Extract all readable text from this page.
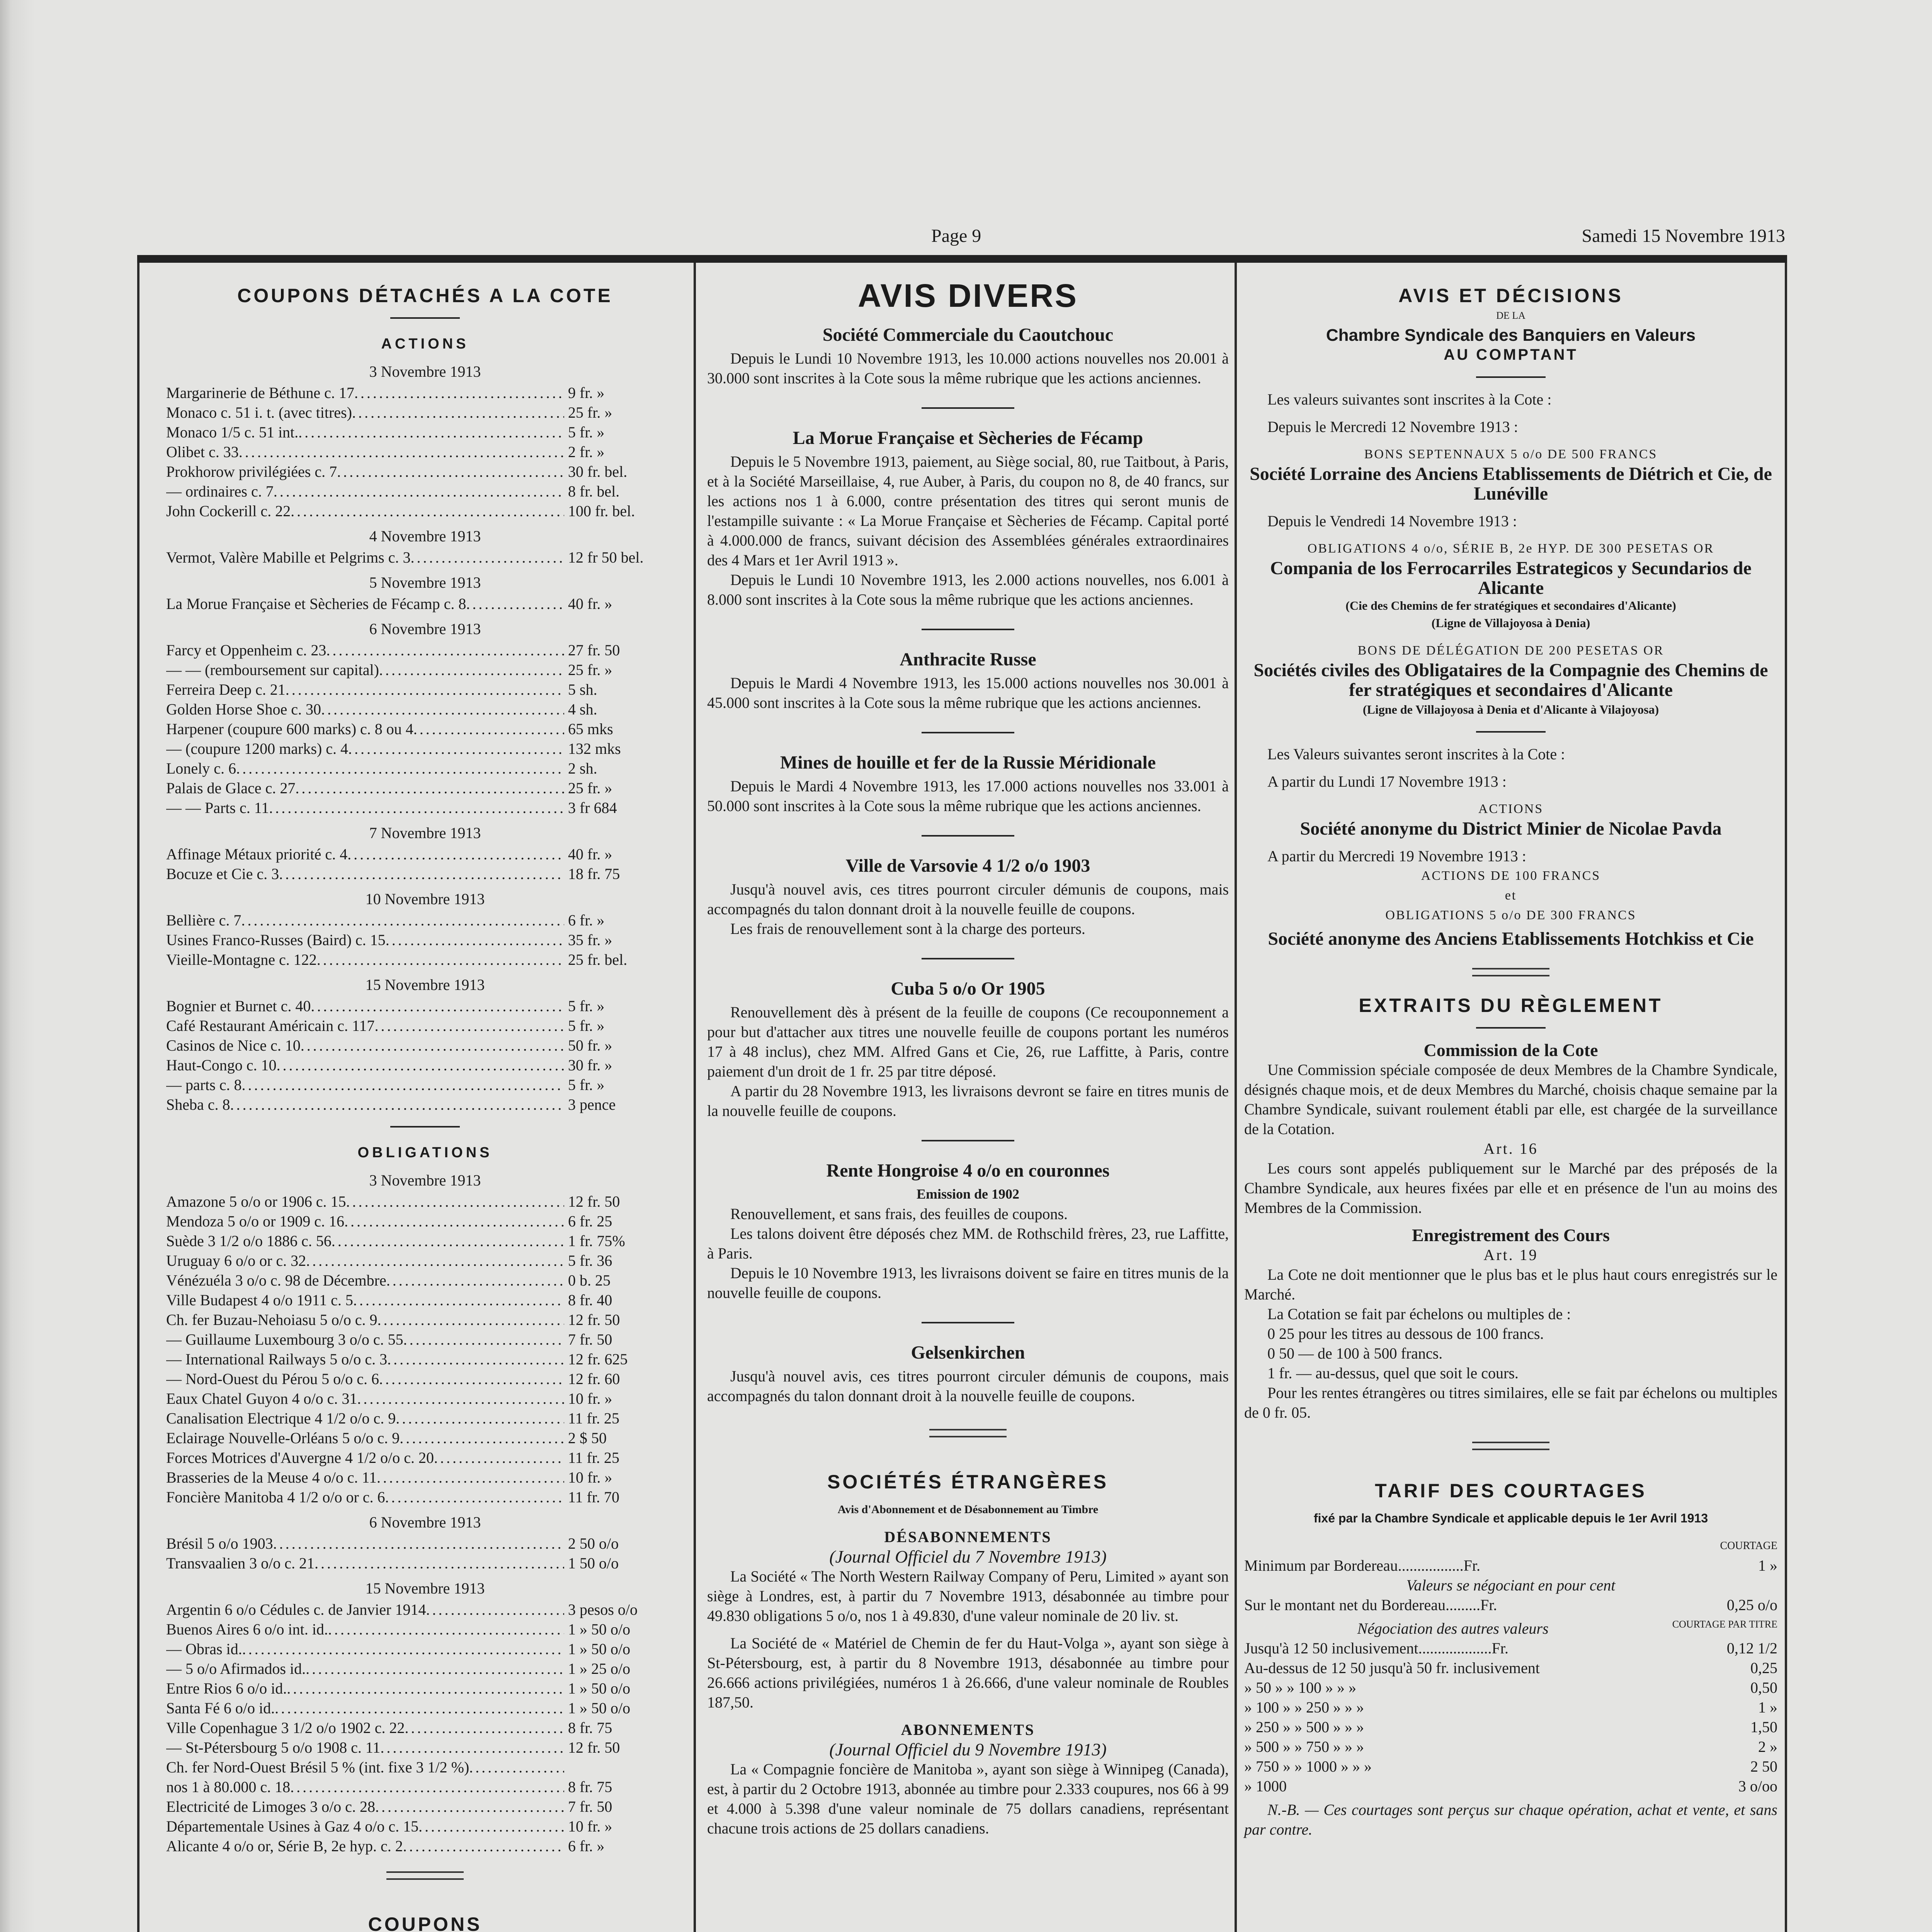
Page 9	Samedi 15 Novembre 1913
COUPONS DÉTACHÉS A LA COTE
ACTIONS
3 Novembre 1913
Margarinerie de Béthune c. 17 .....	9 fr. »
Monaco c. 51 i. t. (avec titres) .....	25 fr. »
Monaco 1/5 c. 51 int. .....	5 fr. »
Olibet c. 33 .....	2 fr. »
Prokhorow privilégiées c. 7 .....	30 fr. bel.
— ordinaires c. 7 .....	8 fr. bel.
John Cockerill c. 22 .....	100 fr. bel.
4 Novembre 1913
Vermot, Valère Mabille et Pelgrims c. 3 .....	12 fr 50 bel.
5 Novembre 1913
La Morue Française et Sècheries de Fécamp c. 8 .....	40 fr. »
6 Novembre 1913
Farcy et Oppenheim c. 23 .....	27 fr. 50
— — (remboursement sur capital) .....	25 fr. »
Ferreira Deep c. 21 .....	5 sh.
Golden Horse Shoe c. 30 .....	4 sh.
Harpener (coupure 600 marks) c. 8 ou 4 .....	65 mks
— (coupure 1200 marks) c. 4 .....	132 mks
Lonely c. 6 .....	2 sh.
Palais de Glace c. 27 .....	25 fr. »
— — Parts c. 11 .....	3 fr 684
7 Novembre 1913
Affinage Métaux priorité c. 4 .....	40 fr. »
Bocuze et Cie c. 3 .....	18 fr. 75
10 Novembre 1913
Bellière c. 7 .....	6 fr. »
Usines Franco-Russes (Baird) c. 15 .....	35 fr. »
Vieille-Montagne c. 122 .....	25 fr. bel.
15 Novembre 1913
Bognier et Burnet c. 40 .....	5 fr. »
Café Restaurant Américain c. 117 .....	5 fr. »
Casinos de Nice c. 10 .....	50 fr. »
Haut-Congo c. 10 .....	30 fr. »
— parts c. 8 .....	5 fr. »
Sheba c. 8 .....	3 pence
OBLIGATIONS
3 Novembre 1913
Amazone 5 o/o or 1906 c. 15 .....	12 fr. 50
Mendoza 5 o/o or 1909 c. 16 .....	6 fr. 25
Suède 3 1/2 o/o 1886 c. 56 .....	1 fr. 75%
Uruguay 6 o/o or c. 32 .....	5 fr. 36
Vénézuéla 3 o/o c. 98 de Décembre .....	0 b. 25
Ville Budapest 4 o/o 1911 c. 5 .....	8 fr. 40
Ch. fer Buzau-Nehoiasu 5 o/o c. 9 .....	12 fr. 50
— Guillaume Luxembourg 3 o/o c. 55 .....	7 fr. 50
— International Railways 5 o/o c. 3 .....	12 fr. 625
— Nord-Ouest du Pérou 5 o/o c. 6 .....	12 fr. 60
Eaux Chatel Guyon 4 o/o c. 31 .....	10 fr. »
Canalisation Electrique 4 1/2 o/o c. 9 .....	11 fr. 25
Eclairage Nouvelle-Orléans 5 o/o c. 9 .....	2 $ 50
Forces Motrices d'Auvergne 4 1/2 o/o c. 20 .....	11 fr. 25
Brasseries de la Meuse 4 o/o c. 11 .....	10 fr. »
Foncière Manitoba 4 1/2 o/o or c. 6 .....	11 fr. 70
6 Novembre 1913
Brésil 5 o/o 1903 .....	2 50 o/o
Transvaalien 3 o/o c. 21 .....	1 50 o/o
15 Novembre 1913
Argentin 6 o/o Cédules c. de Janvier 1914 .....	3 pesos o/o
Buenos Aires 6 o/o int. id. .....	1 » 50 o/o
— Obras id. .....	1 » 50 o/o
— 5 o/o Afirmados id. .....	1 » 25 o/o
Entre Rios 6 o/o id. .....	1 » 50 o/o
Santa Fé 6 o/o id. .....	1 » 50 o/o
Ville Copenhague 3 1/2 o/o 1902 c. 22 .....	8 fr. 75
— St-Pétersbourg 5 o/o 1908 c. 11 .....	12 fr. 50
Ch. fer Nord-Ouest Brésil 5 % (int. fixe 3 1/2 %)
.....
nos 1 à 80.000 c. 18 .....	8 fr. 75
Electricité de Limoges 3 o/o c. 28 .....	7 fr. 50
Départementale Usines à Gaz 4 o/o c. 15 .....	10 fr. »
Alicante 4 o/o or, Série B, 2e hyp. c. 2 .....	6 fr. »
COUPONS
AVIS DIVERS
Société Commerciale du Caoutchouc

Depuis le Lundi 10 Novembre 1913, les 10.000 actions nouvelles nos 20.001 à 30.000 sont inscrites à la Cote sous la même rubrique que les actions anciennes.

La Morue Française et Sècheries de Fécamp

Depuis le 5 Novembre 1913, paiement, au Siège social, 80, rue Taitbout, à Paris, et à la Société Marseillaise, 4, rue Auber, à Paris, du coupon no 8, de 40 francs, sur les actions nos 1 à 6.000, contre présentation des titres qui seront munis de l'estampille suivante : « La Morue Française et Sècheries de Fécamp. Capital porté à 4.000.000 de francs, suivant décision des Assemblées générales extraordinaires des 4 Mars et 1er Avril 1913 ».

Depuis le Lundi 10 Novembre 1913, les 2.000 actions nouvelles, nos 6.001 à 8.000 sont inscrites à la Cote sous la même rubrique que les actions anciennes.

Anthracite Russe

Depuis le Mardi 4 Novembre 1913, les 15.000 actions nouvelles nos 30.001 à 45.000 sont inscrites à la Cote sous la même rubrique que les actions anciennes.

Mines de houille et fer de la Russie Méridionale

Depuis le Mardi 4 Novembre 1913, les 17.000 actions nouvelles nos 33.001 à 50.000 sont inscrites à la Cote sous la même rubrique que les actions anciennes.

Ville de Varsovie 4 1/2 o/o 1903

Jusqu'à nouvel avis, ces titres pourront circuler démunis de coupons, mais accompagnés du talon donnant droit à la nouvelle feuille de coupons.

Les frais de renouvellement sont à la charge des porteurs.

Cuba 5 o/o Or 1905

Renouvellement dès à présent de la feuille de coupons (Ce recouponnement a pour but d'attacher aux titres une nouvelle feuille de coupons portant les numéros 17 à 48 inclus), chez MM. Alfred Gans et Cie, 26, rue Laffitte, à Paris, contre paiement d'un droit de 1 fr. 25 par titre déposé.

A partir du 28 Novembre 1913, les livraisons devront se faire en titres munis de la nouvelle feuille de coupons.

Rente Hongroise 4 o/o en couronnes
Emission de 1902

Renouvellement, et sans frais, des feuilles de coupons.

Les talons doivent être déposés chez MM. de Rothschild frères, 23, rue Laffitte, à Paris.

Depuis le 10 Novembre 1913, les livraisons doivent se faire en titres munis de la nouvelle feuille de coupons.

Gelsenkirchen

Jusqu'à nouvel avis, ces titres pourront circuler démunis de coupons, mais accompagnés du talon donnant droit à la nouvelle feuille de coupons.

SOCIÉTÉS ÉTRANGÈRES
Avis d'Abonnement et de Désabonnement au Timbre
DÉSABONNEMENTS
(Journal Officiel du 7 Novembre 1913)

La Société « The North Western Railway Company of Peru, Limited » ayant son siège à Londres, est, à partir du 7 Novembre 1913, désabonnée au timbre pour 49.830 obligations 5 o/o, nos 1 à 49.830, d'une valeur nominale de 20 liv. st.

La Société de « Matériel de Chemin de fer du Haut-Volga », ayant son siège à St-Pétersbourg, est, à partir du 8 Novembre 1913, désabonnée au timbre pour 26.666 actions privilégiées, numéros 1 à 26.666, d'une valeur nominale de Roubles 187,50.

ABONNEMENTS
(Journal Officiel du 9 Novembre 1913)

La « Compagnie foncière de Manitoba », ayant son siège à Winnipeg (Canada), est, à partir du 2 Octobre 1913, abonnée au timbre pour 2.333 coupures, nos 66 à 99 et 4.000 à 5.398 d'une valeur nominale de 75 dollars canadiens, représentant chacune trois actions de 25 dollars canadiens.

AVIS ET DÉCISIONS
DE LA
Chambre Syndicale des Banquiers en Valeurs
AU COMPTANT

Les valeurs suivantes sont inscrites à la Cote :

Depuis le Mercredi 12 Novembre 1913 :

BONS SEPTENNAUX 5 o/o DE 500 FRANCS
Société Lorraine des Anciens Etablissements de Diétrich et Cie, de Lunéville

Depuis le Vendredi 14 Novembre 1913 :

OBLIGATIONS 4 o/o, SÉRIE B, 2e HYP. DE 300 PESETAS OR
Compania de los Ferrocarriles Estrategicos y Secundarios de Alicante
(Cie des Chemins de fer stratégiques et secondaires d'Alicante)
(Ligne de Villajoyosa à Denia)
BONS DE DÉLÉGATION DE 200 PESETAS OR
Sociétés civiles des Obligataires de la Compagnie des Chemins de fer stratégiques et secondaires d'Alicante
(Ligne de Villajoyosa à Denia et d'Alicante à Vilajoyosa)

Les Valeurs suivantes seront inscrites à la Cote :

A partir du Lundi 17 Novembre 1913 :

ACTIONS
Société anonyme du District Minier de Nicolae Pavda

A partir du Mercredi 19 Novembre 1913 :

ACTIONS DE 100 FRANCS
et
OBLIGATIONS 5 o/o DE 300 FRANCS
Société anonyme des Anciens Etablissements Hotchkiss et Cie
EXTRAITS DU RÈGLEMENT
Commission de la Cote

Une Commission spéciale composée de deux Membres de la Chambre Syndicale, désignés chaque mois, et de deux Membres du Marché, choisis chaque semaine par la Chambre Syndicale, suivant roulement établi par elle, est chargée de la surveillance de la Cotation.

Art. 16

Les cours sont appelés publiquement sur le Marché par des préposés de la Chambre Syndicale, aux heures fixées par elle et en présence de l'un au moins des Membres de la Commission.

Enregistrement des Cours
Art. 19

La Cote ne doit mentionner que le plus bas et le plus haut cours enregistrés sur le Marché.

La Cotation se fait par échelons ou multiples de :

0 25 pour les titres au dessous de 100 francs.

0 50 — de 100 à 500 francs.

1 fr. — au-dessus, quel que soit le cours.

Pour les rentes étrangères ou titres similaires, elle se fait par échelons ou multiples de 0 fr. 05.

TARIF DES COURTAGES
fixé par la Chambre Syndicale et applicable depuis le 1er Avril 1913
COURTAGE
Minimum par Bordereau.................Fr.	1 »
Valeurs se négociant en pour cent
Sur le montant net du Bordereau.........Fr.	0,25 o/o
Négociation des autres valeurs	COURTAGE PAR TITRE
Jusqu'à 12 50 inclusivement...................Fr.	0,12 1/2
Au-dessus de 12 50 jusqu'à 50 fr. inclusivement	0,25
» 50 » » 100 » » »	0,50
» 100 » » 250 » » »	1 »
» 250 » » 500 » » »	1,50
» 500 » » 750 » » »	2 »
» 750 » » 1000 » » »	2 50
» 1000	3 o/oo

N.-B. — Ces courtages sont perçus sur chaque opération, achat et vente, et sans par contre.
